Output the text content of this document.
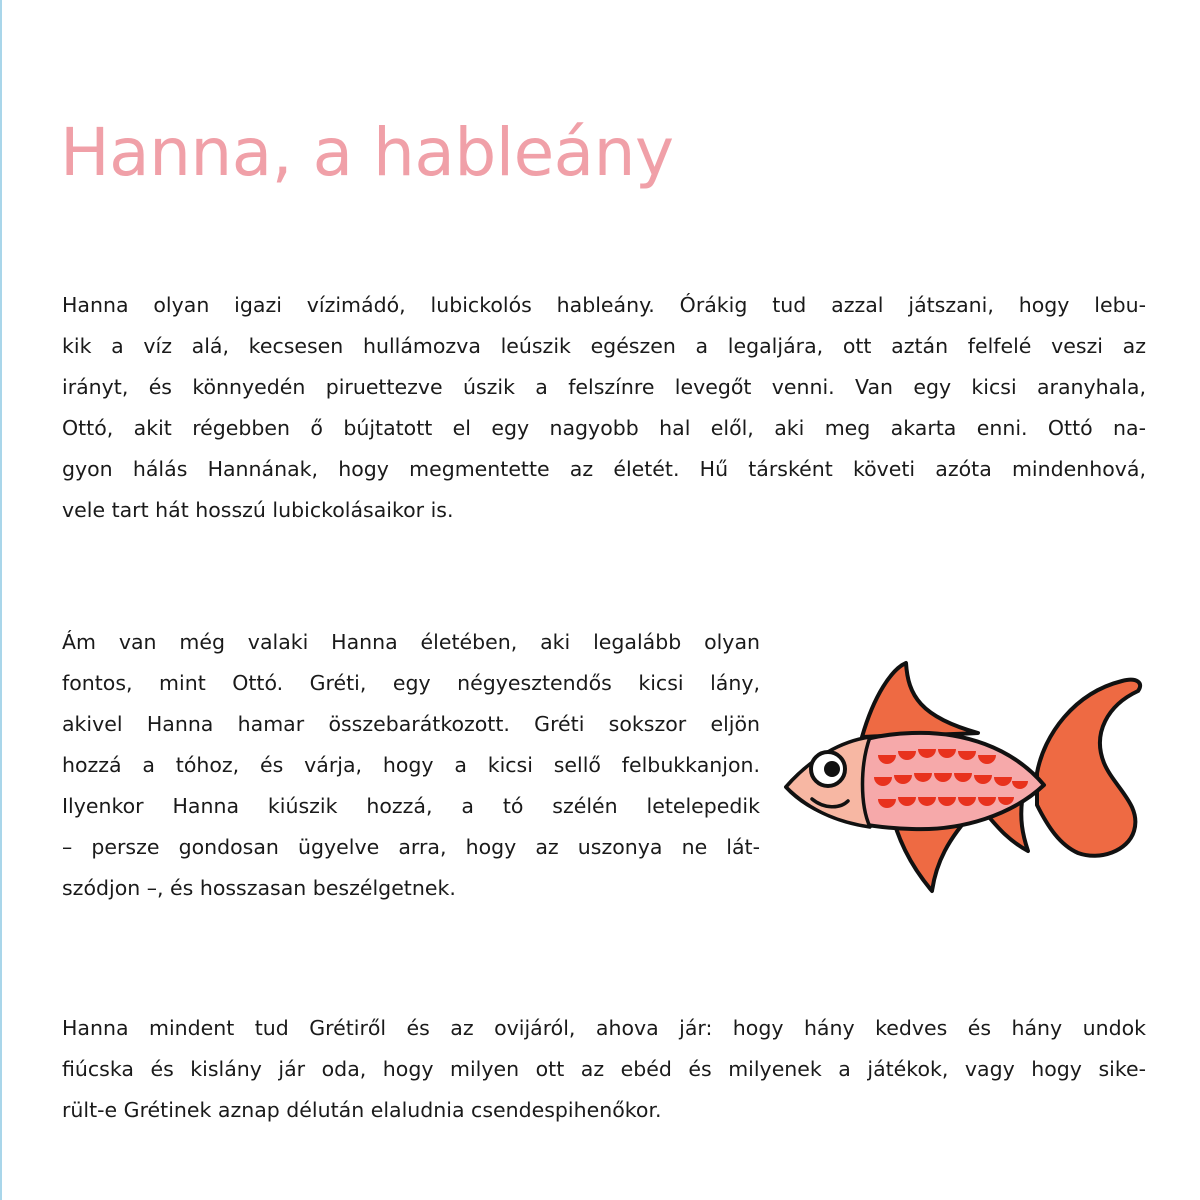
Hanna, a hableány
Hanna olyan igazi vízimádó, lubickolós hableány. Órákig tud azzal játszani, hogy lebu-
kik a víz alá, kecsesen hullámozva leúszik egészen a legaljára, ott aztán felfelé veszi az
irányt, és könnyedén piruettezve úszik a felszínre levegőt venni. Van egy kicsi aranyhala,
Ottó, akit régebben ő bújtatott el egy nagyobb hal elől, aki meg akarta enni. Ottó na-
gyon hálás Hannának, hogy megmentette az életét. Hű társként követi azóta mindenhová,
vele tart hát hosszú lubickolásaikor is.
Ám van még valaki Hanna életében, aki legalább olyan
fontos, mint Ottó. Gréti, egy négyesztendős kicsi lány,
akivel Hanna hamar összebarátkozott. Gréti sokszor eljön
hozzá a tóhoz, és várja, hogy a kicsi sellő felbukkanjon.
Ilyenkor Hanna kiúszik hozzá, a tó szélén letelepedik
– persze gondosan ügyelve arra, hogy az uszonya ne lát-
szódjon –, és hosszasan beszélgetnek.
Hanna mindent tud Grétiről és az ovijáról, ahova jár: hogy hány kedves és hány undok
fiúcska és kislány jár oda, hogy milyen ott az ebéd és milyenek a játékok, vagy hogy sike-
rült-e Grétinek aznap délután elaludnia csendespihenőkor.
